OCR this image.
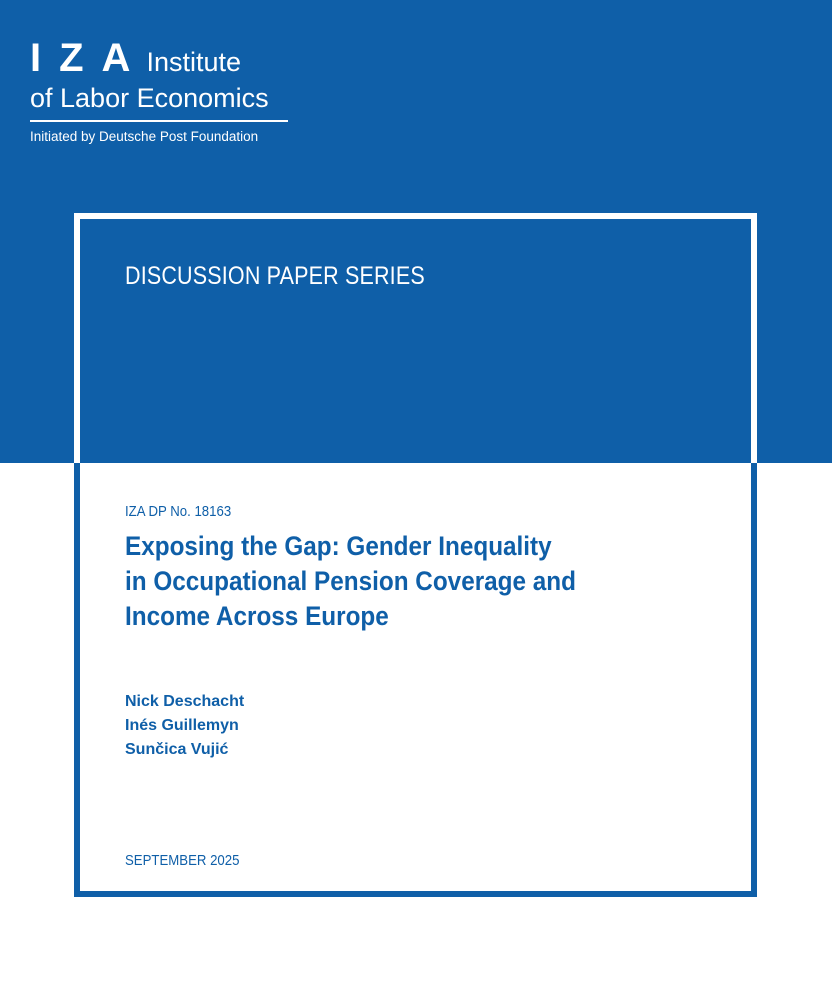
IZA
Institute
of Labor Economics
Initiated by Deutsche Post Foundation
DISCUSSION PAPER SERIES
IZA DP No. 18163
Exposing the Gap: Gender Inequality
in Occupational Pension Coverage and
Income Across Europe
Nick Deschacht
Inés Guillemyn
Sunčica Vujić
SEPTEMBER 2025
